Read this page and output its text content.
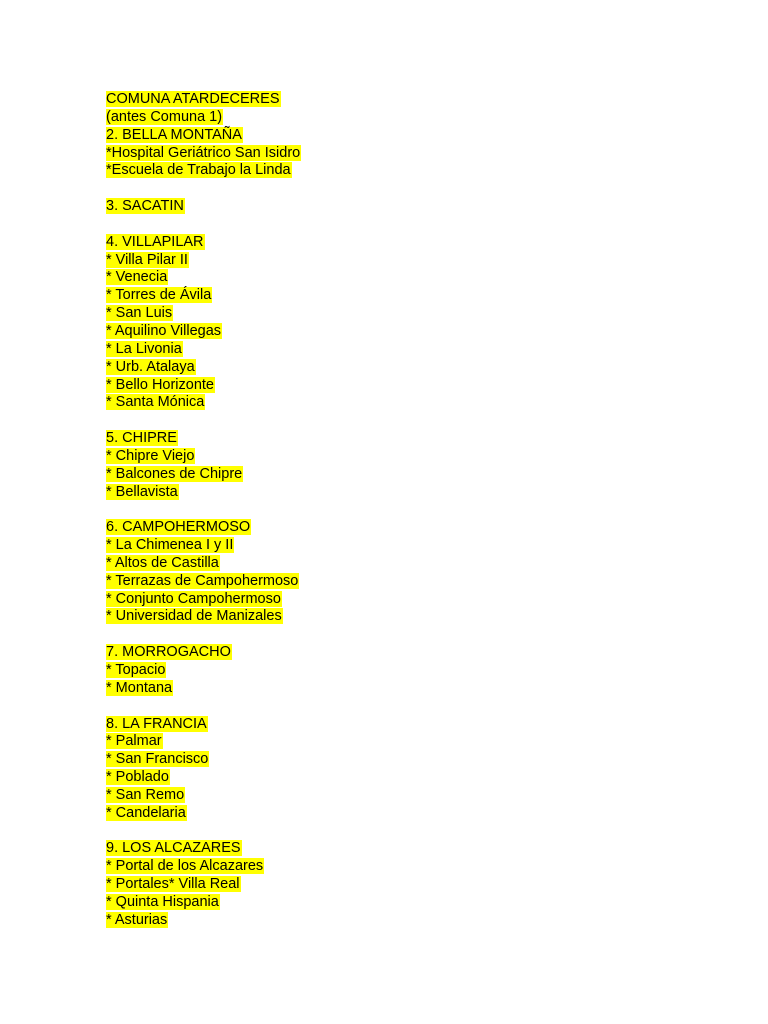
COMUNA ATARDECERES
(antes Comuna 1)
2. BELLA MONTAÑA
*Hospital Geriátrico San Isidro
*Escuela de Trabajo la Linda
3. SACATIN
4. VILLAPILAR
* Villa Pilar II
* Venecia
* Torres de Ávila
* San Luis
* Aquilino Villegas
* La Livonia
* Urb. Atalaya
* Bello Horizonte
* Santa Mónica
5. CHIPRE
* Chipre Viejo
* Balcones de Chipre
* Bellavista
6. CAMPOHERMOSO
* La Chimenea I y II
* Altos de Castilla
* Terrazas de Campohermoso
* Conjunto Campohermoso
* Universidad de Manizales
7. MORROGACHO
* Topacio
* Montana
8. LA FRANCIA
* Palmar
* San Francisco
* Poblado
* San Remo
* Candelaria
9. LOS ALCAZARES
* Portal de los Alcazares
* Portales* Villa Real
* Quinta Hispania
* Asturias
